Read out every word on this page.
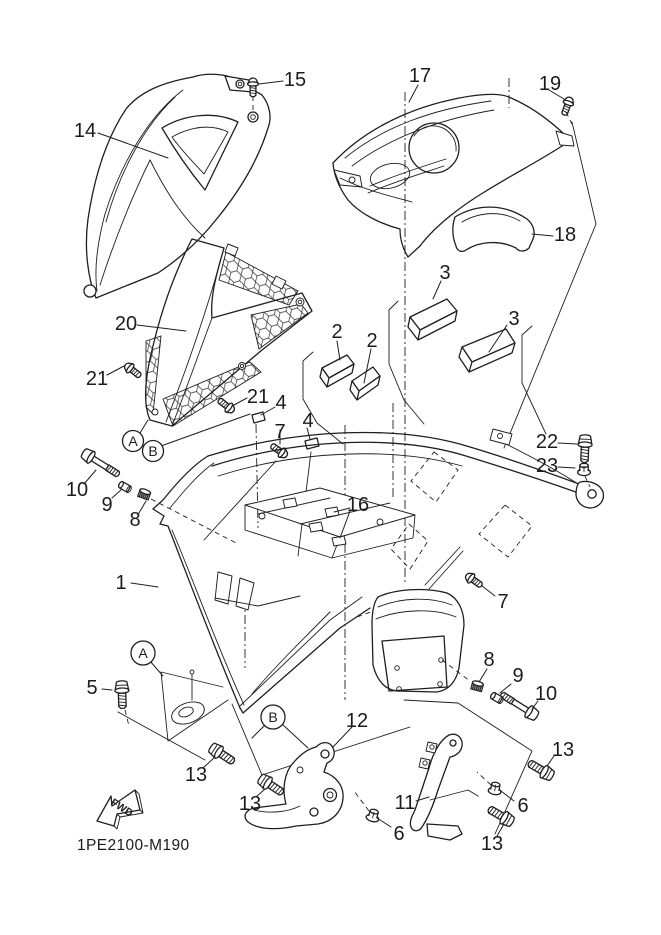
14
15	17	19
18
3
3
20	2 2
21
21 4
4
7
16
10
9
8
22
23
1
7
8
9
10
5
12
11
13
13
13
13
6
6
A
B
A
B
FWD
1PE2100-M190
